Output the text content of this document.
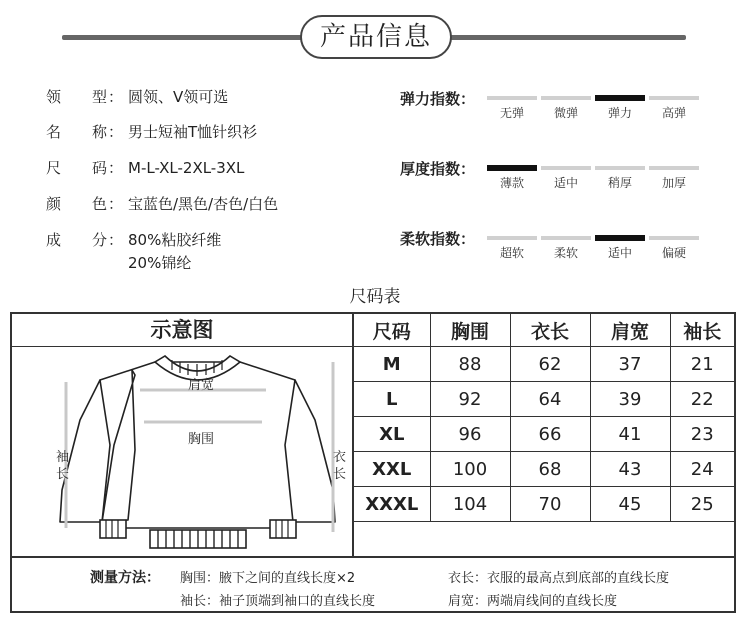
产品信息
领 型 ： 圆领、V领可选
名 称 ： 男士短袖T恤针织衫
尺 码 ： M-L-XL-2XL-3XL
颜 色 ： 宝蓝色/黑色/杏色/白色
成 分 ： 80%粘胶纤维
20%锦纶
弹力指数：
无弹	微弹	弹力	高弹
厚度指数：
薄款	适中	稍厚	加厚
柔软指数：
超软	柔软	适中	偏硬
尺码表
示意图
肩宽
胸围
袖
长
衣
长
尺码	胸围	衣长	肩宽	袖长
M	88	62	37	21
L	92	64	39	22
XL	96	66	41	23
XXL	100	68	43	24
XXXL	104	70	45	25
测量方法： 胸围：腋下之间的直线长度×2	衣长：衣服的最高点到底部的直线长度
袖长：袖子顶端到袖口的直线长度	肩宽：两端肩线间的直线长度
